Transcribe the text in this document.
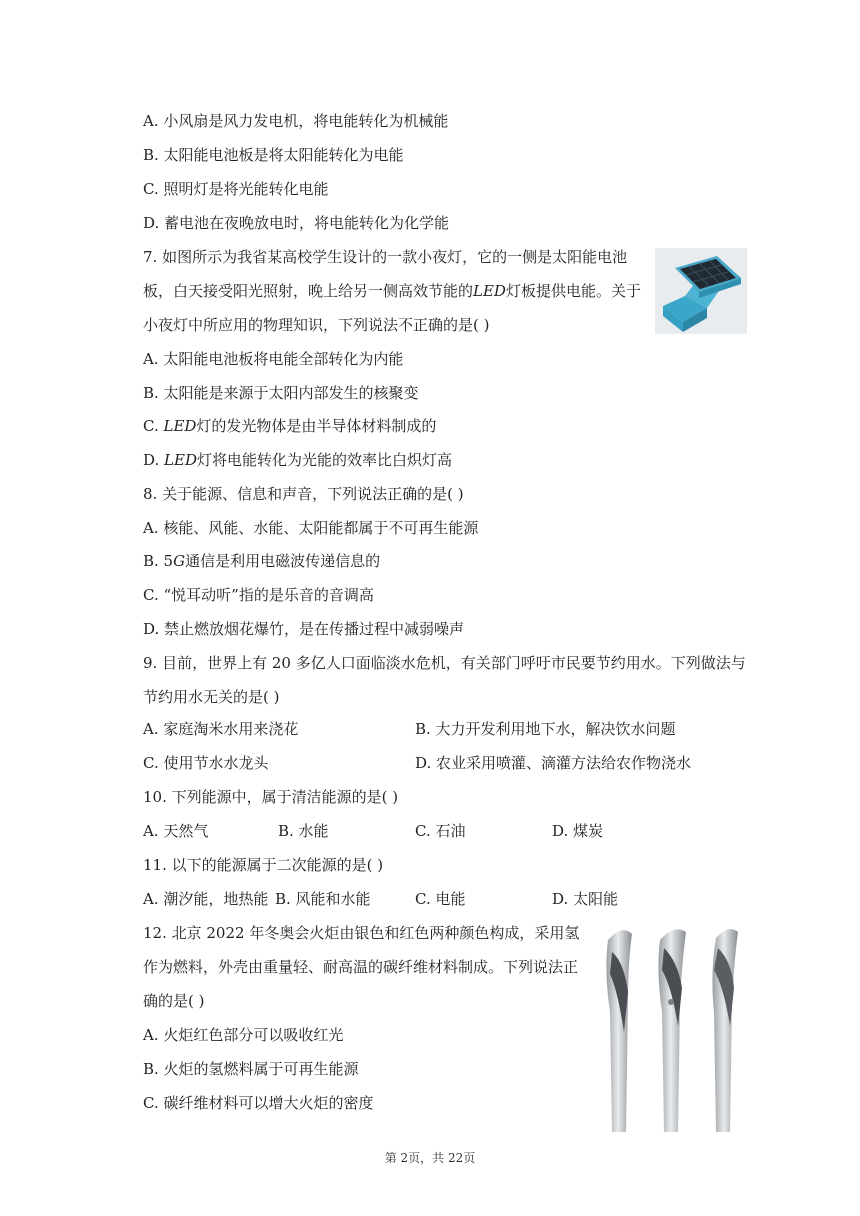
A. 小风扇是风力发电机，将电能转化为机械能
B. 太阳能电池板是将太阳能转化为电能
C. 照明灯是将光能转化电能
D. 蓄电池在夜晚放电时，将电能转化为化学能
7. 如图所示为我省某高校学生设计的一款小夜灯，它的一侧是太阳能电池
板，白天接受阳光照射，晚上给另一侧高效节能的LED灯板提供电能。关于
小夜灯中所应用的物理知识，下列说法不正确的是( )
A. 太阳能电池板将电能全部转化为内能
B. 太阳能是来源于太阳内部发生的核聚变
C. LED灯的发光物体是由半导体材料制成的
D. LED灯将电能转化为光能的效率比白炽灯高
8. 关于能源、信息和声音，下列说法正确的是( )
A. 核能、风能、水能、太阳能都属于不可再生能源
B. 5G通信是利用电磁波传递信息的
C. “悦耳动听”指的是乐音的音调高
D. 禁止燃放烟花爆竹，是在传播过程中减弱噪声
9. 目前，世界上有 20 多亿人口面临淡水危机，有关部门呼吁市民要节约用水。下列做法与
节约用水无关的是( )
A. 家庭淘米水用来浇花	B. 大力开发利用地下水，解决饮水问题
C. 使用节水水龙头	D. 农业采用喷灌、滴灌方法给农作物浇水
10. 下列能源中，属于清洁能源的是( )
A. 天然气	B. 水能	C. 石油	D. 煤炭
11. 以下的能源属于二次能源的是( )
A. 潮汐能，地热能 B. 风能和水能	C. 电能	D. 太阳能
12. 北京 2022 年冬奥会火炬由银色和红色两种颜色构成，采用氢
作为燃料，外壳由重量轻、耐高温的碳纤维材料制成。下列说法正
确的是( )
A. 火炬红色部分可以吸收红光
B. 火炬的氢燃料属于可再生能源
C. 碳纤维材料可以增大火炬的密度
第 2页，共 22页
